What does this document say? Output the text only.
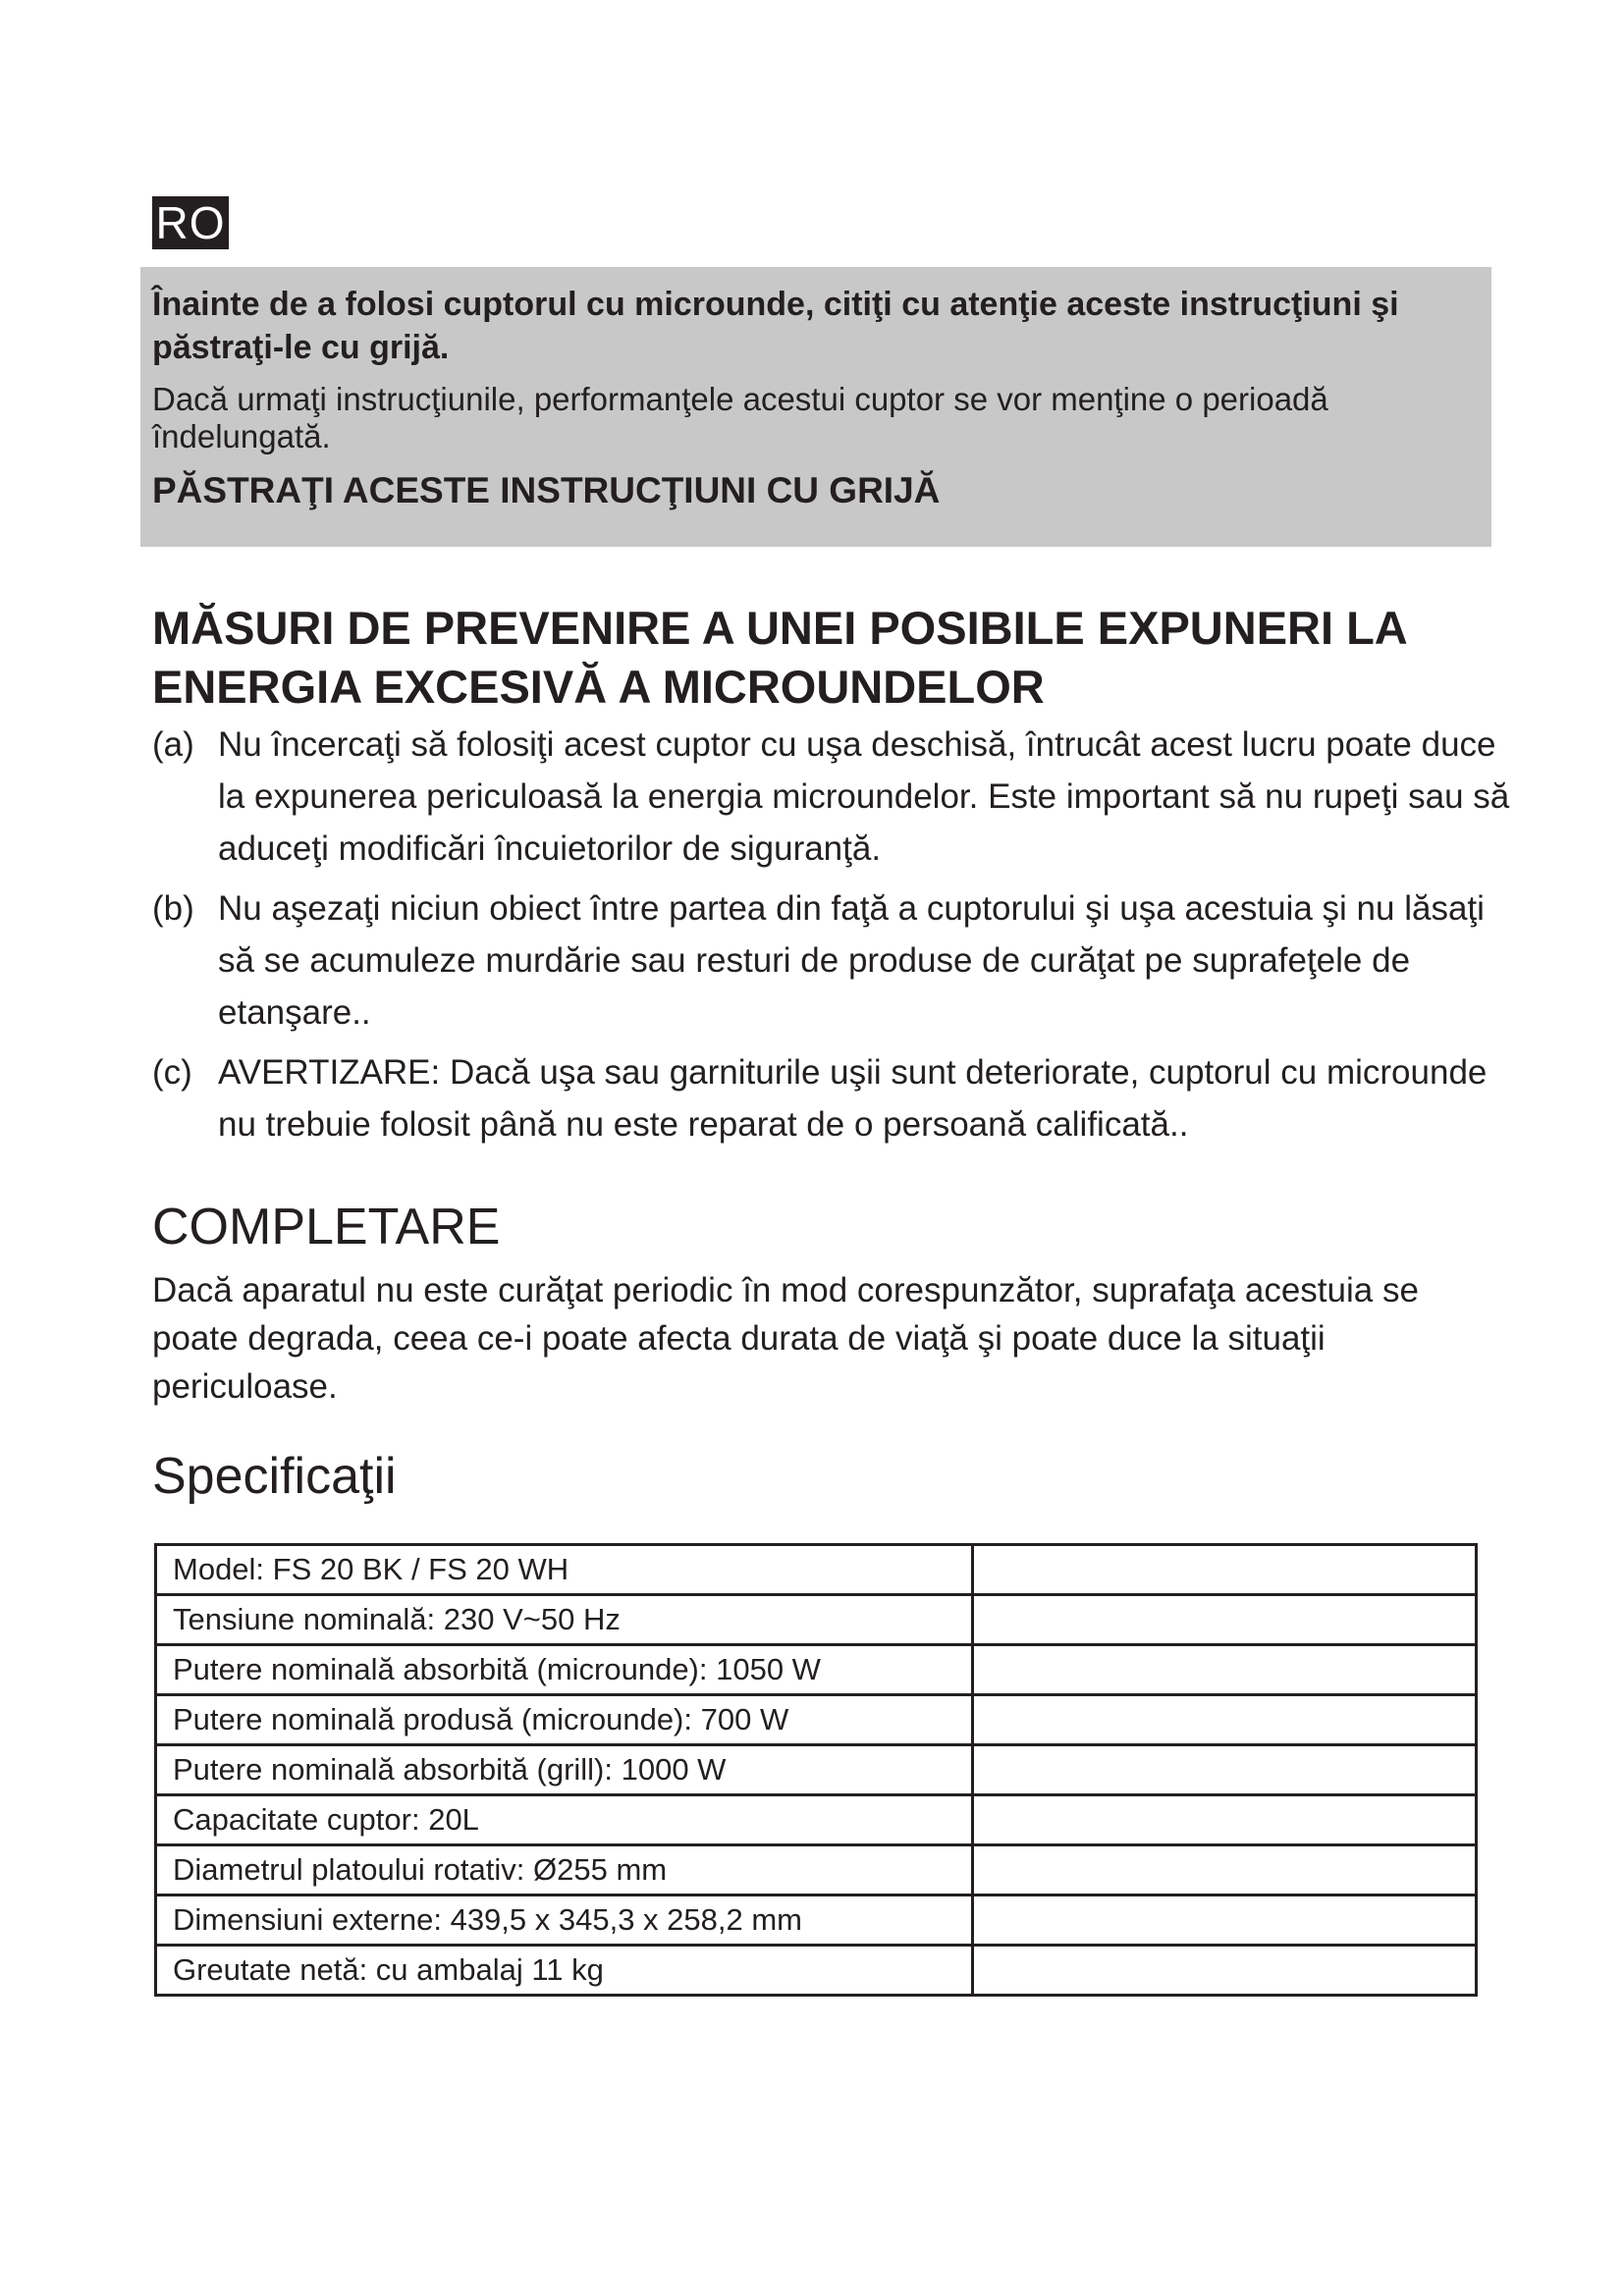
RO

Înainte de a folosi cuptorul cu microunde, citiţi cu atenţie aceste instrucţiuni şi păstraţi-le cu grijă.

Dacă urmaţi instrucţiunile, performanţele acestui cuptor se vor menţine o perioadă îndelungată.

PĂSTRAŢI ACESTE INSTRUCŢIUNI CU GRIJĂ

MĂSURI DE PREVENIRE A UNEI POSIBILE EXPUNERI LA ENERGIA EXCESIVĂ A MICROUNDELOR
(a) Nu încercaţi să folosiţi acest cuptor cu uşa deschisă, întrucât acest lucru poate duce la expunerea periculoasă la energia microundelor. Este important să nu rupeţi sau să aduceţi modificări încuietorilor de siguranţă.
(b) Nu aşezaţi niciun obiect între partea din faţă a cuptorului şi uşa acestuia şi nu lăsaţi să se acumuleze murdărie sau resturi de produse de curăţat pe suprafeţele de etanşare..
(c) AVERTIZARE: Dacă uşa sau garniturile uşii sunt deteriorate, cuptorul cu microunde nu trebuie folosit până nu este reparat de o persoană calificată..
COMPLETARE

Dacă aparatul nu este curăţat periodic în mod corespunzător, suprafaţa acestuia se poate degrada, ceea ce-i poate afecta durata de viaţă şi poate duce la situaţii periculoase.

Specificaţii
Model: FS 20 BK / FS 20 WH	
Tensiune nominală: 230 V~50 Hz	
Putere nominală absorbită (microunde): 1050 W	
Putere nominală produsă (microunde): 700 W	
Putere nominală absorbită (grill): 1000 W	
Capacitate cuptor: 20L	
Diametrul platoului rotativ: Ø255 mm	
Dimensiuni externe: 439,5 x 345,3 x 258,2 mm	
Greutate netă: cu ambalaj 11 kg	
